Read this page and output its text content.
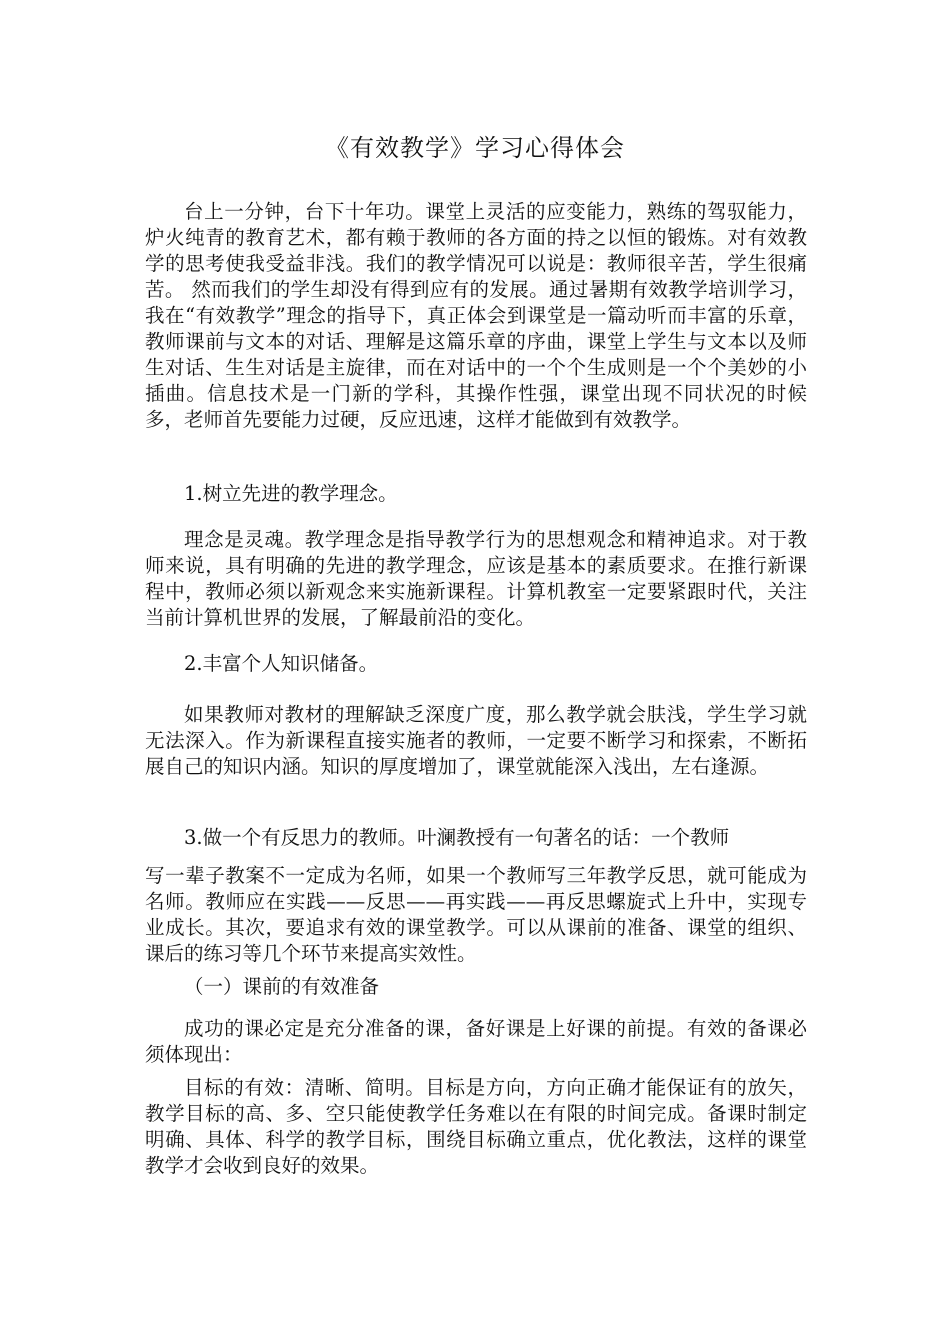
《有效教学》学习心得体会

台上一分钟，台下十年功。课堂上灵活的应变能力，熟练的驾驭能力，炉火纯青的教育艺术，都有赖于教师的各方面的持之以恒的锻炼。对有效教学的思考使我受益非浅。我们的教学情况可以说是：教师很辛苦，学生很痛苦。 然而我们的学生却没有得到应有的发展。通过暑期有效教学培训学习，我在“有效教学”理念的指导下，真正体会到课堂是一篇动听而丰富的乐章，教师课前与文本的对话、理解是这篇乐章的序曲，课堂上学生与文本以及师生对话、生生对话是主旋律，而在对话中的一个个生成则是一个个美妙的小插曲。信息技术是一门新的学科，其操作性强，课堂出现不同状况的时候多，老师首先要能力过硬，反应迅速，这样才能做到有效教学。

1.树立先进的教学理念。

理念是灵魂。教学理念是指导教学行为的思想观念和精神追求。对于教师来说，具有明确的先进的教学理念，应该是基本的素质要求。在推行新课程中，教师必须以新观念来实施新课程。计算机教室一定要紧跟时代，关注当前计算机世界的发展，了解最前沿的变化。

2.丰富个人知识储备。

如果教师对教材的理解缺乏深度广度，那么教学就会肤浅，学生学习就无法深入。作为新课程直接实施者的教师，一定要不断学习和探索，不断拓展自己的知识内涵。知识的厚度增加了，课堂就能深入浅出，左右逢源。

3.做一个有反思力的教师。叶澜教授有一句著名的话：一个教师

写一辈子教案不一定成为名师，如果一个教师写三年教学反思，就可能成为名师。教师应在实践——反思——再实践——再反思螺旋式上升中，实现专业成长。其次，要追求有效的课堂教学。可以从课前的准备、课堂的组织、课后的练习等几个环节来提高实效性。

（一）课前的有效准备

成功的课必定是充分准备的课，备好课是上好课的前提。有效的备课必须体现出：

目标的有效：清晰、简明。目标是方向，方向正确才能保证有的放矢，教学目标的高、多、空只能使教学任务难以在有限的时间完成。备课时制定明确、具体、科学的教学目标，围绕目标确立重点，优化教法，这样的课堂教学才会收到良好的效果。
